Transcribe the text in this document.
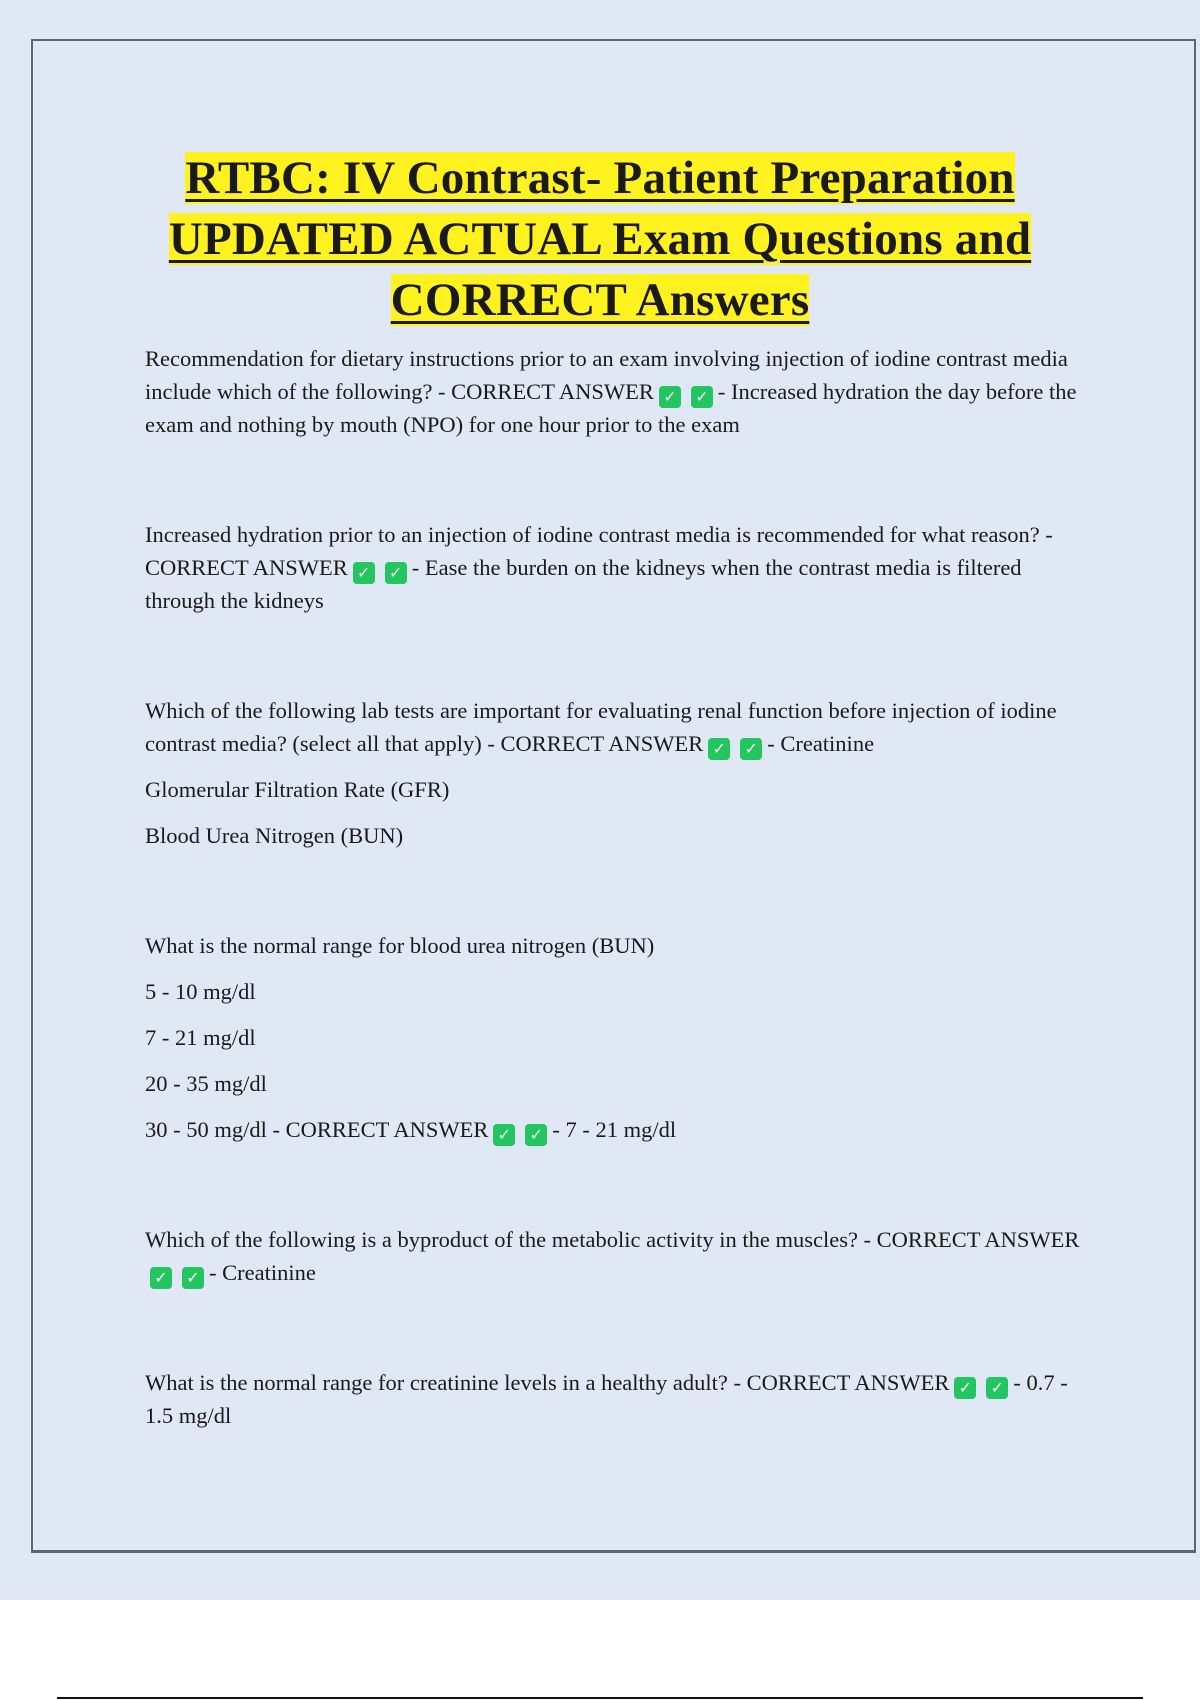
RTBC: IV Contrast- Patient Preparation
UPDATED ACTUAL Exam Questions and
CORRECT Answers

Recommendation for dietary instructions prior to an exam involving injection of iodine contrast media include which of the following? - CORRECT ANSWER ✓ ✓ - Increased hydration the day before the exam and nothing by mouth (NPO) for one hour prior to the exam

Increased hydration prior to an injection of iodine contrast media is recommended for what reason? - CORRECT ANSWER ✓ ✓ - Ease the burden on the kidneys when the contrast media is filtered through the kidneys

Which of the following lab tests are important for evaluating renal function before injection of iodine contrast media? (select all that apply) - CORRECT ANSWER ✓ ✓ - Creatinine

Glomerular Filtration Rate (GFR)

Blood Urea Nitrogen (BUN)

What is the normal range for blood urea nitrogen (BUN)

5 - 10 mg/dl

7 - 21 mg/dl

20 - 35 mg/dl

30 - 50 mg/dl - CORRECT ANSWER ✓ ✓ - 7 - 21 mg/dl

Which of the following is a byproduct of the metabolic activity in the muscles? - CORRECT ANSWER✓ ✓ - Creatinine

What is the normal range for creatinine levels in a healthy adult? - CORRECT ANSWER ✓ ✓ - 0.7 - 1.5 mg/dl
